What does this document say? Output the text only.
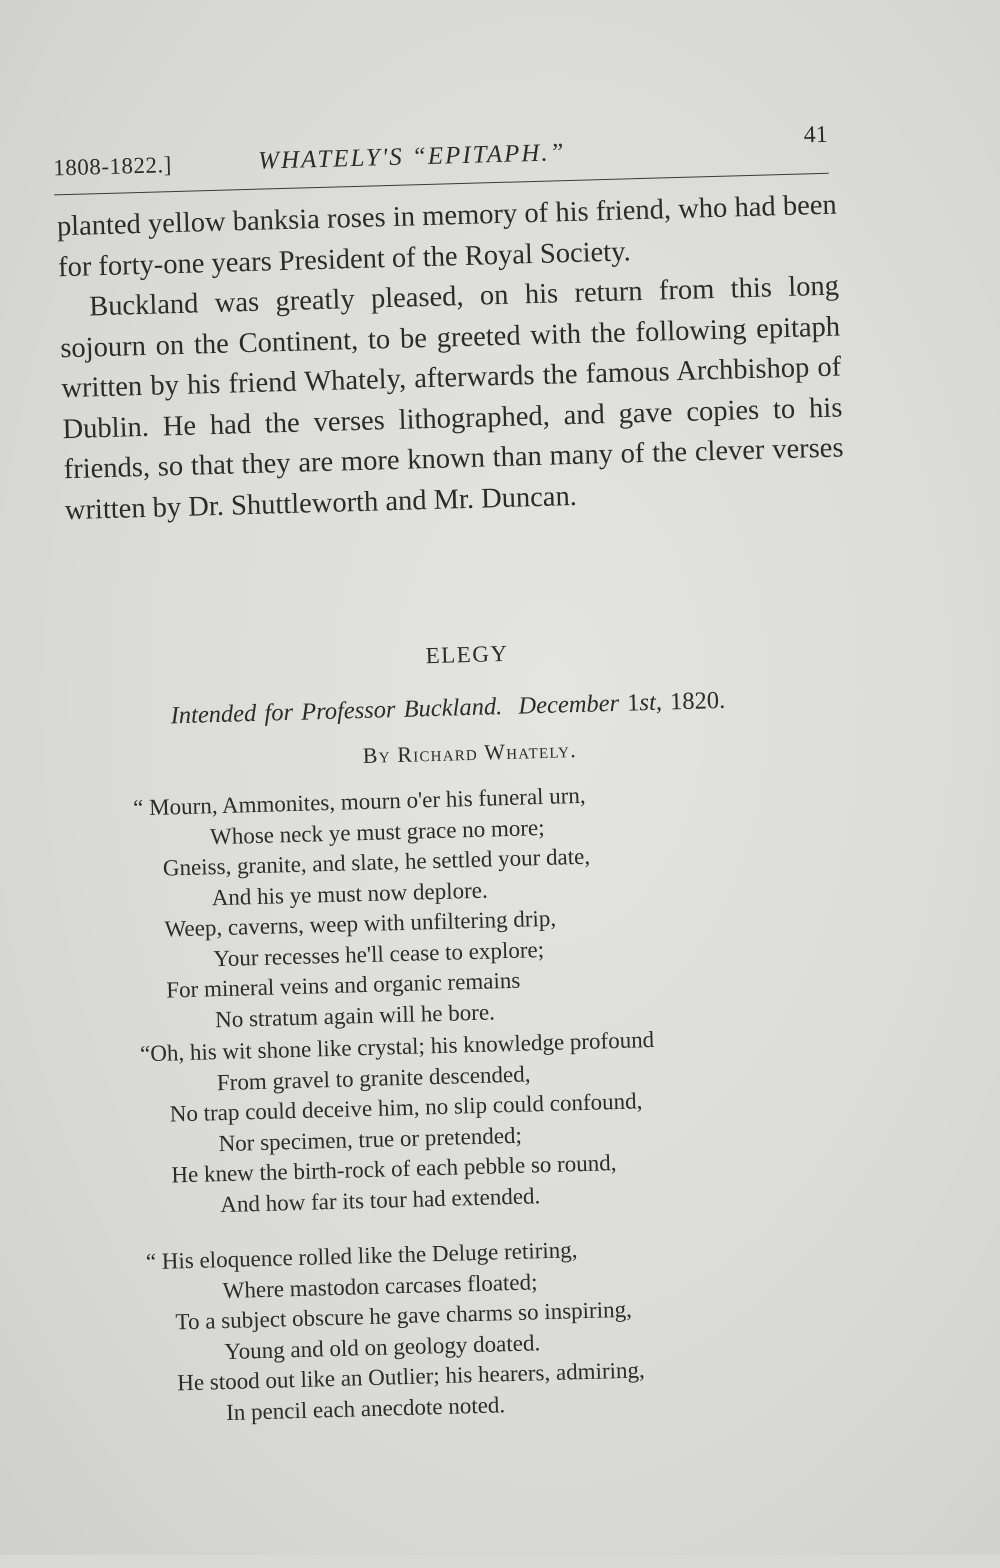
1808-1822.]	WHATELY'S “EPITAPH.”
41

planted yellow banksia roses in memory of his friend, who had been for forty-one years President of the Royal Society.

Buckland was greatly pleased, on his return from this long sojourn on the Continent, to be greeted with the following epitaph written by his friend Whately, afterwards the famous Archbishop of Dublin. He had the verses lithographed, and gave copies to his friends, so that they are more known than many of the clever verses written by Dr. Shuttleworth and Mr. Duncan.

ELEGY
Intended for Professor Buckland. December 1st, 1820.
By Richard Whately.
“ Mourn, Ammonites, mourn o'er his funeral urn,
Whose neck ye must grace no more;
Gneiss, granite, and slate, he settled your date,
And his ye must now deplore.
Weep, caverns, weep with unfiltering drip,
Your recesses he'll cease to explore;
For mineral veins and organic remains
No stratum again will he bore.
“Oh, his wit shone like crystal; his knowledge profound
From gravel to granite descended,
No trap could deceive him, no slip could confound,
Nor specimen, true or pretended;
He knew the birth-rock of each pebble so round,
And how far its tour had extended.
“ His eloquence rolled like the Deluge retiring,
Where mastodon carcases floated;
To a subject obscure he gave charms so inspiring,
Young and old on geology doated.
He stood out like an Outlier; his hearers, admiring,
In pencil each anecdote noted.
